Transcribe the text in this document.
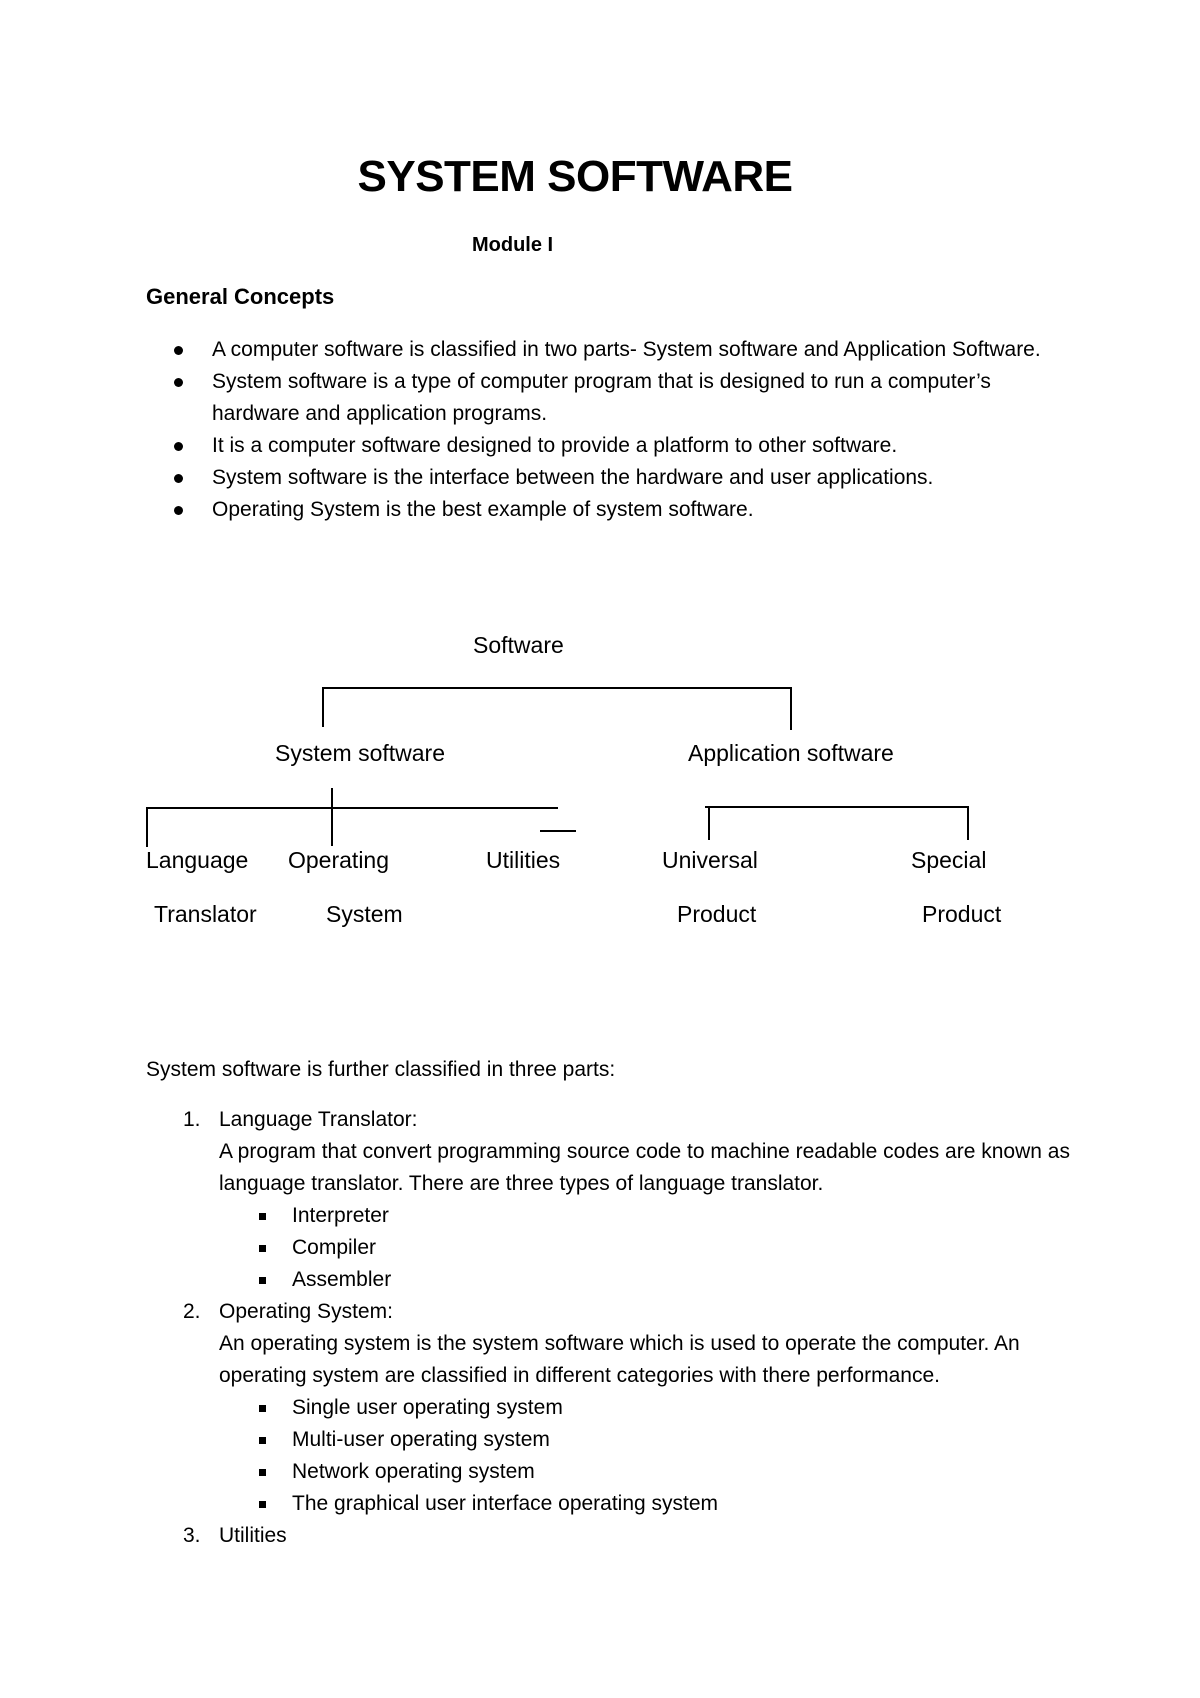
SYSTEM SOFTWARE
Module I
General Concepts
A computer software is classified in two parts- System software and Application Software.
System software is a type of computer program that is designed to run a computer’s hardware and application programs.
It is a computer software designed to provide a platform to other software.
System software is the interface between the hardware and user applications.
Operating System is the best example of system software.
Software
System software	Application software
Language
Translator
Operating
System
Utilities	Universal
Product
Special
Product
System software is further classified in three parts:
1. Language Translator:
A program that convert programming source code to machine readable codes are known as language translator. There are three types of language translator.
Interpreter
Compiler
Assembler
2. Operating System:
An operating system is the system software which is used to operate the computer. An operating system are classified in different categories with there performance.
Single user operating system
Multi-user operating system
Network operating system
The graphical user interface operating system
3. Utilities
